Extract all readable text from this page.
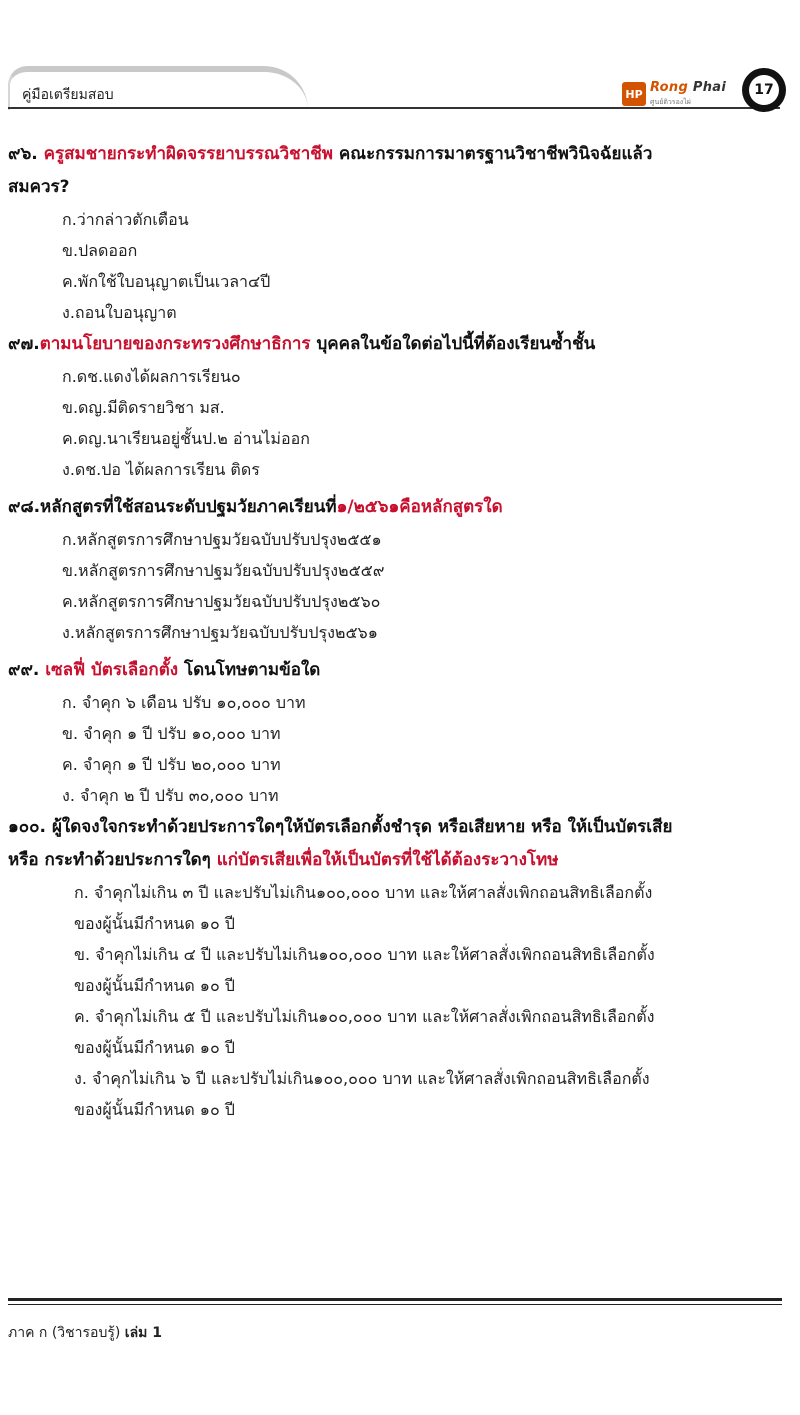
คู่มือเตรียมสอบ	HP Rong Phai
ศูนย์ติวรองไผ่
17

๙๖. ครูสมชายกระทำผิดจรรยาบรรณวิชาชีพ คณะกรรมการมาตรฐานวิชาชีพวินิจฉัยแล้ว

สมควร?

ก.ว่ากล่าวตักเตือน

ข.ปลดออก

ค.พักใช้ใบอนุญาตเป็นเวลา๔ปี

ง.ถอนใบอนุญาต

๙๗.ตามนโยบายของกระทรวงศึกษาธิการ บุคคลในข้อใดต่อไปนี้ที่ต้องเรียนซ้ำชั้น

ก.ดช.แดงได้ผลการเรียน๐

ข.ดญ.มีติดรายวิชา มส.

ค.ดญ.นาเรียนอยู่ชั้นป.๒ อ่านไม่ออก

ง.ดช.ปอ ได้ผลการเรียน ติดร

๙๘.หลักสูตรที่ใช้สอนระดับปฐมวัยภาคเรียนที่๑/๒๕๖๑คือหลักสูตรใด

ก.หลักสูตรการศึกษาปฐมวัยฉบับปรับปรุง๒๕๕๑

ข.หลักสูตรการศึกษาปฐมวัยฉบับปรับปรุง๒๕๕๙

ค.หลักสูตรการศึกษาปฐมวัยฉบับปรับปรุง๒๕๖๐

ง.หลักสูตรการศึกษาปฐมวัยฉบับปรับปรุง๒๕๖๑

๙๙. เซลฟี่ บัตรเลือกตั้ง โดนโทษตามข้อใด

ก. จำคุก ๖ เดือน ปรับ ๑๐,๐๐๐ บาท

ข. จำคุก ๑ ปี ปรับ ๑๐,๐๐๐ บาท

ค. จำคุก ๑ ปี ปรับ ๒๐,๐๐๐ บาท

ง. จำคุก ๒ ปี ปรับ ๓๐,๐๐๐ บาท

๑๐๐. ผู้ใดจงใจกระทำด้วยประการใดๆให้บัตรเลือกตั้งชำรุด หรือเสียหาย หรือ ให้เป็นบัตรเสีย

หรือ กระทำด้วยประการใดๆ แก่บัตรเสียเพื่อให้เป็นบัตรที่ใช้ได้ต้องระวางโทษ

ก. จำคุกไม่เกิน ๓ ปี และปรับไม่เกิน๑๐๐,๐๐๐ บาท และให้ศาลสั่งเพิกถอนสิทธิเลือกตั้ง
ของผู้นั้นมีกำหนด ๑๐ ปี
ข. จำคุกไม่เกิน ๔ ปี และปรับไม่เกิน๑๐๐,๐๐๐ บาท และให้ศาลสั่งเพิกถอนสิทธิเลือกตั้ง
ของผู้นั้นมีกำหนด ๑๐ ปี
ค. จำคุกไม่เกิน ๕ ปี และปรับไม่เกิน๑๐๐,๐๐๐ บาท และให้ศาลสั่งเพิกถอนสิทธิเลือกตั้ง
ของผู้นั้นมีกำหนด ๑๐ ปี
ง. จำคุกไม่เกิน ๖ ปี และปรับไม่เกิน๑๐๐,๐๐๐ บาท และให้ศาลสั่งเพิกถอนสิทธิเลือกตั้ง
ของผู้นั้นมีกำหนด ๑๐ ปี
ภาค ก (วิชารอบรู้) เล่ม 1
